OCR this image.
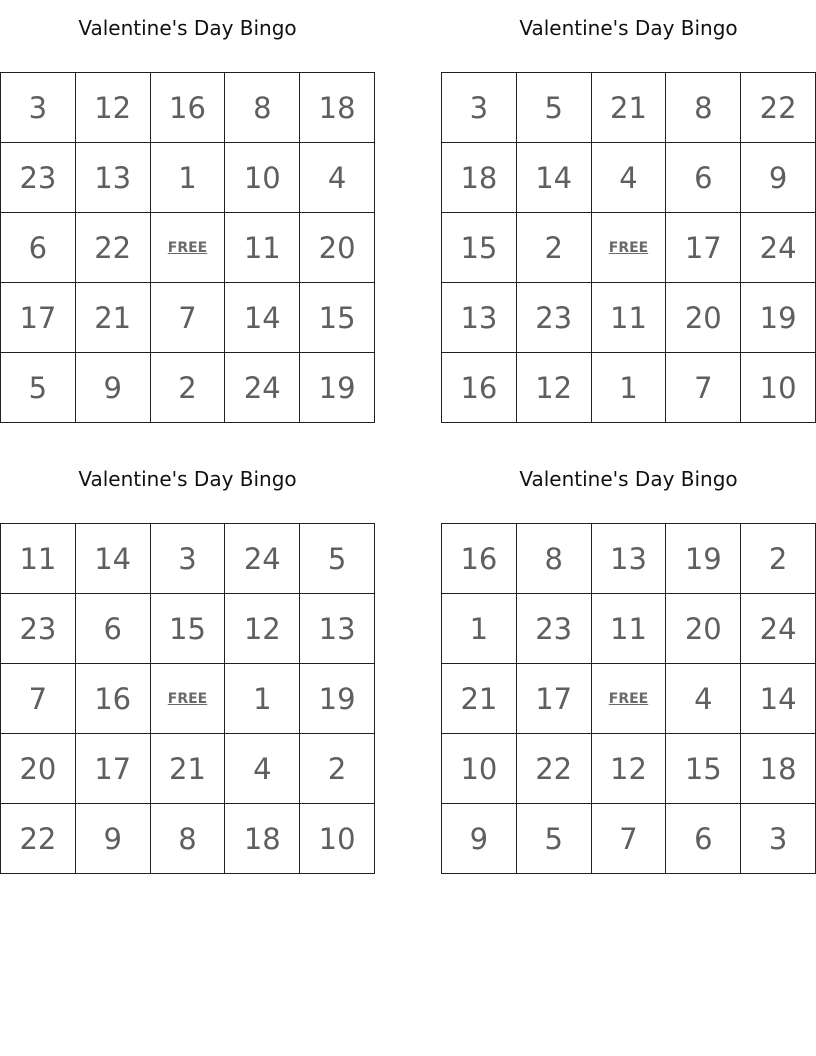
Valentine's Day Bingo
3	12	16	8	18
23	13	1	10	4
6	22	FREE	11	20
17	21	7	14	15
5	9	2	24	19
Valentine's Day Bingo
3	5	21	8	22
18	14	4	6	9
15	2	FREE	17	24
13	23	11	20	19
16	12	1	7	10
Valentine's Day Bingo
11	14	3	24	5
23	6	15	12	13
7	16	FREE	1	19
20	17	21	4	2
22	9	8	18	10
Valentine's Day Bingo
16	8	13	19	2
1	23	11	20	24
21	17	FREE	4	14
10	22	12	15	18
9	5	7	6	3
